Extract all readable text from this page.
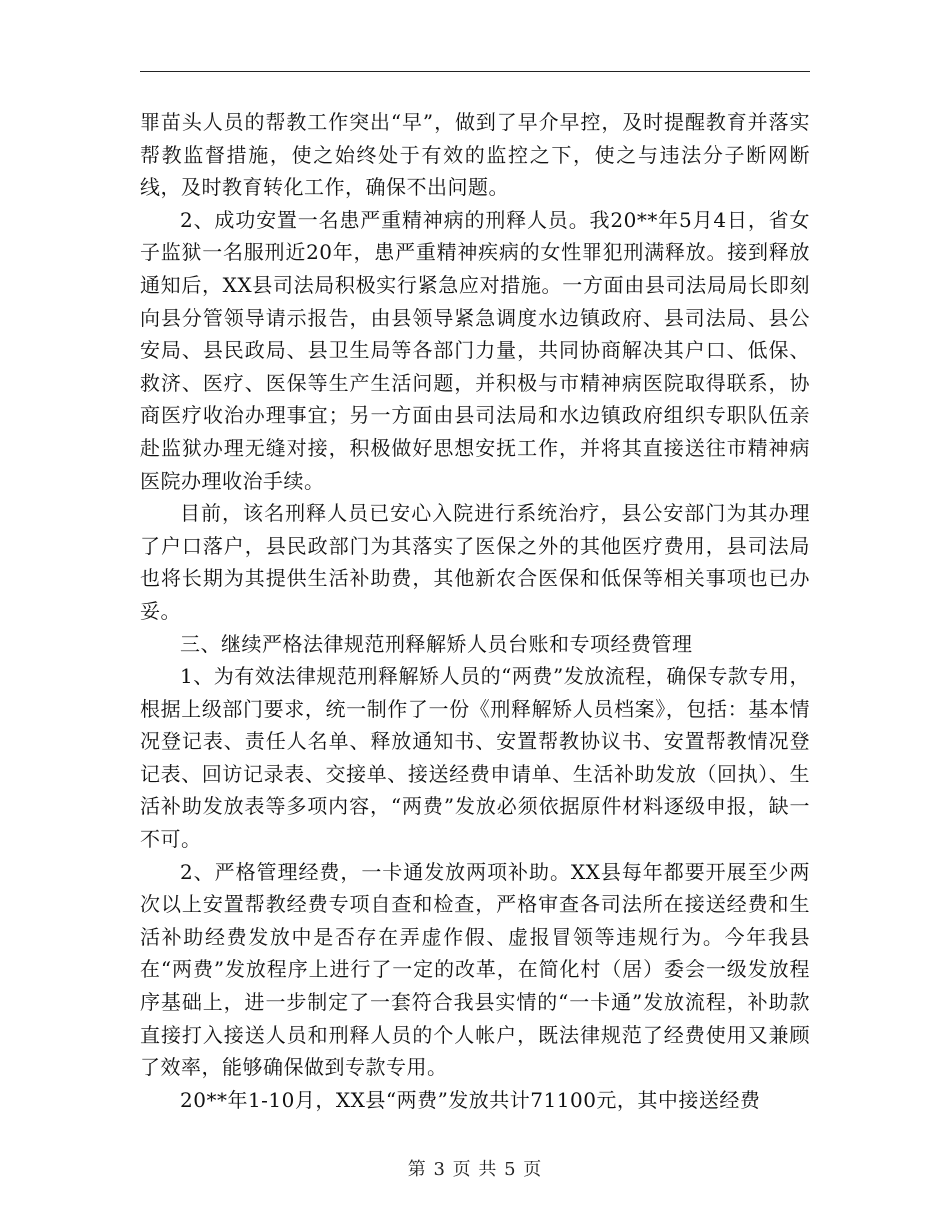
罪苗头人员的帮教工作突出“早”，做到了早介早控，及时提醒教育并落实帮教监督措施，使之始终处于有效的监控之下，使之与违法分子断网断线，及时教育转化工作，确保不出问题。

2、成功安置一名患严重精神病的刑释人员。我20**年5月4日，省女子监狱一名服刑近20年，患严重精神疾病的女性罪犯刑满释放。接到释放通知后，XX县司法局积极实行紧急应对措施。一方面由县司法局局长即刻向县分管领导请示报告，由县领导紧急调度水边镇政府、县司法局、县公安局、县民政局、县卫生局等各部门力量，共同协商解决其户口、低保、救济、医疗、医保等生产生活问题，并积极与市精神病医院取得联系，协商医疗收治办理事宜；另一方面由县司法局和水边镇政府组织专职队伍亲赴监狱办理无缝对接，积极做好思想安抚工作，并将其直接送往市精神病医院办理收治手续。

目前，该名刑释人员已安心入院进行系统治疗，县公安部门为其办理了户口落户，县民政部门为其落实了医保之外的其他医疗费用，县司法局也将长期为其提供生活补助费，其他新农合医保和低保等相关事项也已办妥。

三、继续严格法律规范刑释解矫人员台账和专项经费管理

1、为有效法律规范刑释解矫人员的“两费”发放流程，确保专款专用，根据上级部门要求，统一制作了一份《刑释解矫人员档案》，包括：基本情况登记表、责任人名单、释放通知书、安置帮教协议书、安置帮教情况登记表、回访记录表、交接单、接送经费申请单、生活补助发放（回执）、生活补助发放表等多项内容，“两费”发放必须依据原件材料逐级申报，缺一不可。

2、严格管理经费，一卡通发放两项补助。XX县每年都要开展至少两次以上安置帮教经费专项自查和检查，严格审查各司法所在接送经费和生活补助经费发放中是否存在弄虚作假、虚报冒领等违规行为。今年我县在“两费”发放程序上进行了一定的改革，在简化村（居）委会一级发放程序基础上，进一步制定了一套符合我县实情的“一卡通”发放流程，补助款直接打入接送人员和刑释人员的个人帐户，既法律规范了经费使用又兼顾了效率，能够确保做到专款专用。

20**年1-10月，XX县“两费”发放共计71100元，其中接送经费

第 3 页 共 5 页
